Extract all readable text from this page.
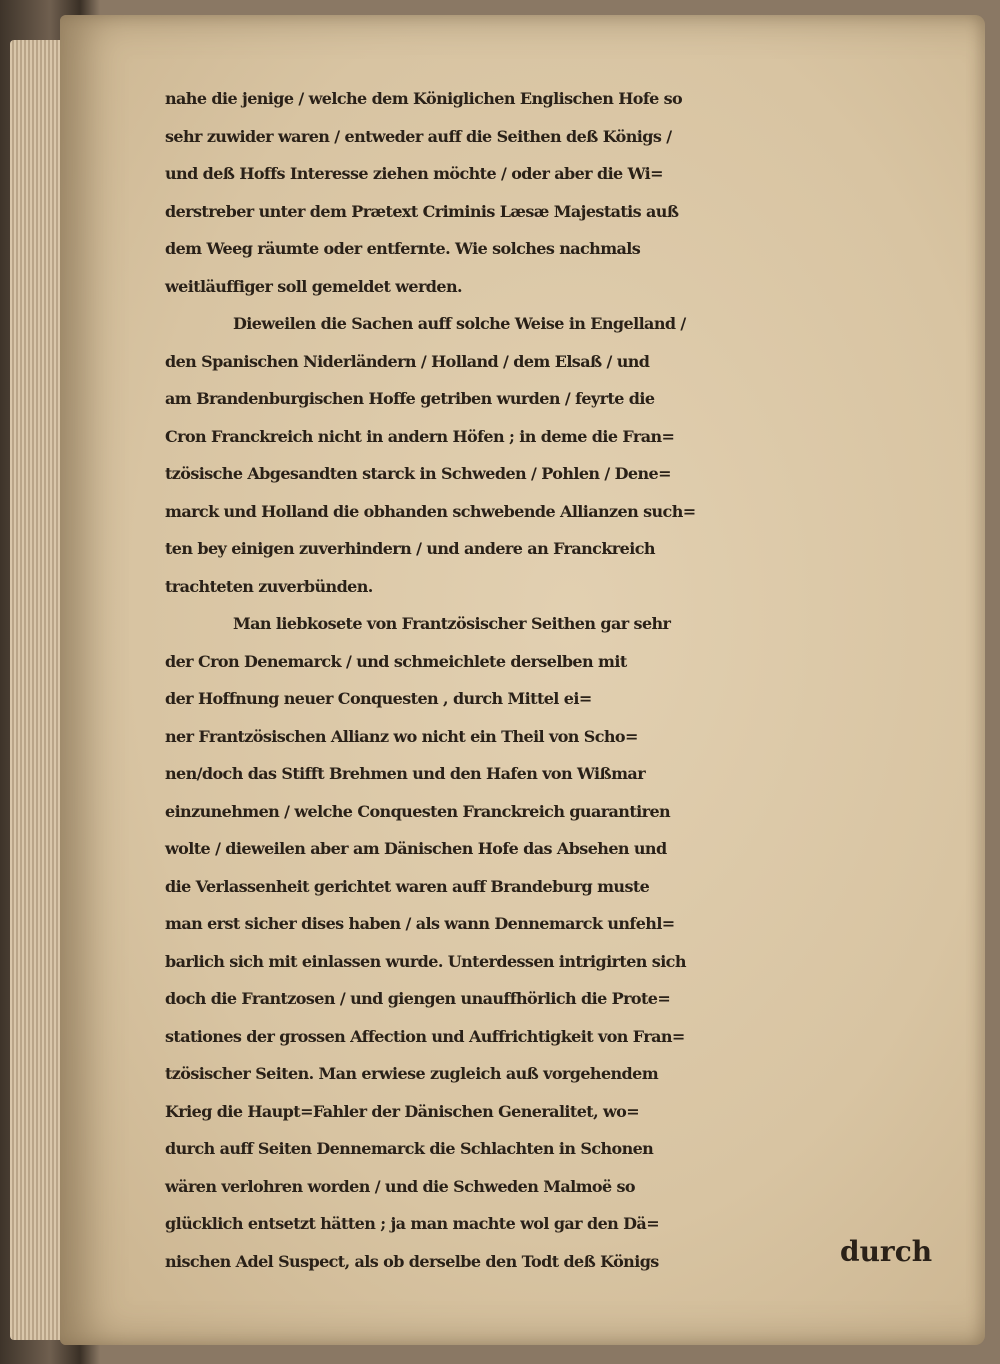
nahe die jenige / welche dem Königlichen Englischen Hofe so
sehr zuwider waren / entweder auff die Seithen deß Königs /
und deß Hoffs Interesse ziehen möchte / oder aber die Wi=
derstreber unter dem Prætext Criminis Læsæ Majestatis auß
dem Weeg räumte oder entfernte. Wie solches nachmals
weitläuffiger soll gemeldet werden.
Dieweilen die Sachen auff solche Weise in Engelland /
den Spanischen Niderländern / Holland / dem Elsaß / und
am Brandenburgischen Hoffe getriben wurden / feyrte die
Cron Franckreich nicht in andern Höfen ; in deme die Fran=
tzösische Abgesandten starck in Schweden / Pohlen / Dene=
marck und Holland die obhanden schwebende Allianzen such=
ten bey einigen zuverhindern / und andere an Franckreich
trachteten zuverbünden.
Man liebkosete von Frantzösischer Seithen gar sehr
der Cron Denemarck / und schmeichlete derselben mit
der Hoffnung neuer Conquesten , durch Mittel ei=
ner Frantzösischen Allianz wo nicht ein Theil von Scho=
nen/doch das Stifft Brehmen und den Hafen von Wißmar
einzunehmen / welche Conquesten Franckreich guarantiren
wolte / dieweilen aber am Dänischen Hofe das Absehen und
die Verlassenheit gerichtet waren auff Brandeburg muste
man erst sicher dises haben / als wann Dennemarck unfehl=
barlich sich mit einlassen wurde. Unterdessen intrigirten sich
doch die Frantzosen / und giengen unauffhörlich die Prote=
stationes der grossen Affection und Auffrichtigkeit von Fran=
tzösischer Seiten. Man erwiese zugleich auß vorgehendem
Krieg die Haupt=Fahler der Dänischen Generalitet, wo=
durch auff Seiten Dennemarck die Schlachten in Schonen
wären verlohren worden / und die Schweden Malmoë so
glücklich entsetzt hätten ; ja man machte wol gar den Dä=
nischen Adel Suspect, als ob derselbe den Todt deß Königs	durch
